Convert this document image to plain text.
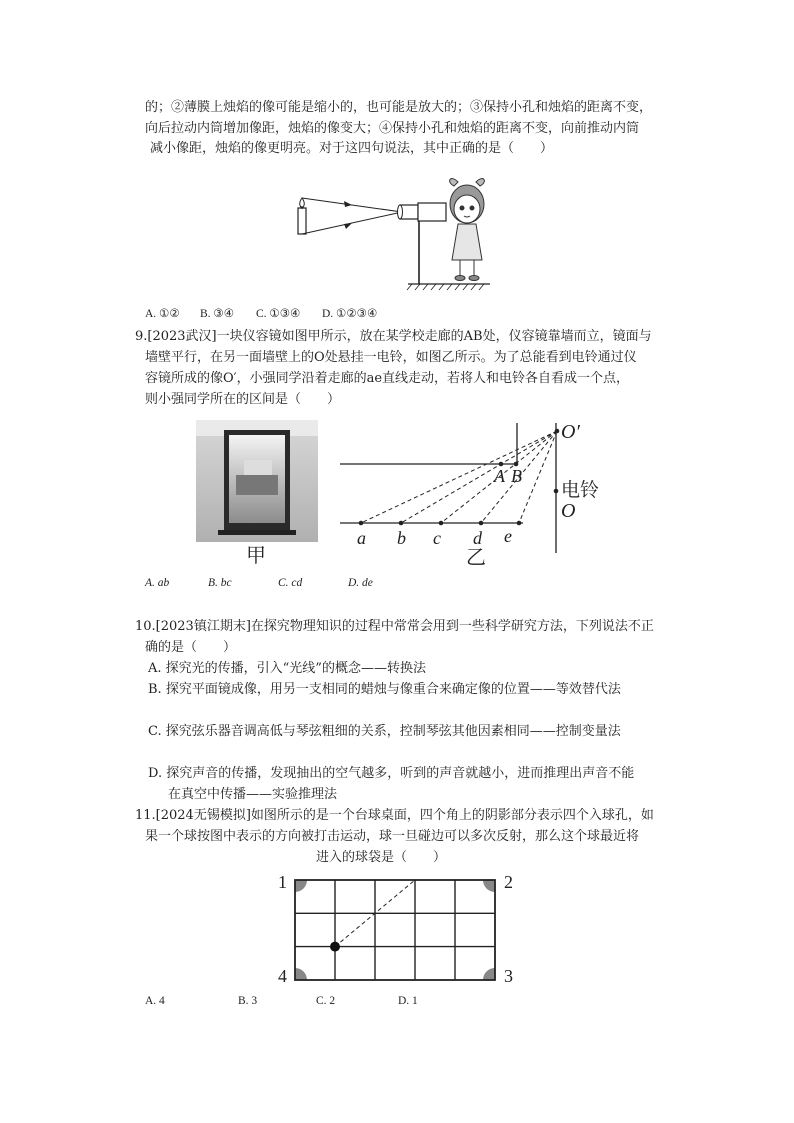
的；②薄膜上烛焰的像可能是缩小的，也可能是放大的；③保持小孔和烛焰的距离不变，
向后拉动内筒增加像距，烛焰的像变大；④保持小孔和烛焰的距离不变，向前推动内筒
减小像距，烛焰的像更明亮。对于这四句说法，其中正确的是（　　）
A. ①② B. ③④ C. ①③④ D. ①②③④
9.[2023武汉]一块仪容镜如图甲所示，放在某学校走廊的AB处，仪容镜靠墙而立，镜面与
墙壁平行，在另一面墙壁上的O处悬挂一电铃，如图乙所示。为了总能看到电铃通过仪
容镜所成的像O′，小强同学沿着走廊的ae直线走动，若将人和电铃各自看成一个点，
则小强同学所在的区间是（　　）
甲
O′
A B
电铃
O
a b c d e
乙
A. ab	B. bc	C. cd	D. de
10.[2023镇江期末]在探究物理知识的过程中常常会用到一些科学研究方法，下列说法不正
确的是（　　）
A. 探究光的传播，引入“光线”的概念——转换法
B. 探究平面镜成像，用另一支相同的蜡烛与像重合来确定像的位置——等效替代法
C. 探究弦乐器音调高低与琴弦粗细的关系，控制琴弦其他因素相同——控制变量法
D. 探究声音的传播，发现抽出的空气越多，听到的声音就越小，进而推理出声音不能
在真空中传播——实验推理法
11.[2024无锡模拟]如图所示的是一个台球桌面，四个角上的阴影部分表示四个入球孔，如
果一个球按图中表示的方向被打击运动，球一旦碰边可以多次反射，那么这个球最近将
进入的球袋是（　　）
1	2
3
4
A. 4	B. 3	C. 2	D. 1
